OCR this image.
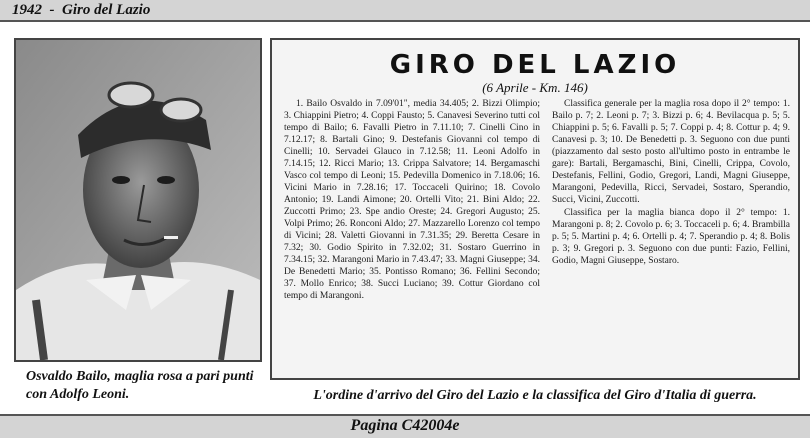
1942  -  Giro del Lazio
Osvaldo Bailo, maglia rosa a pari punti con Adolfo Leoni.
GIRO DEL LAZIO
(6 Aprile - Km. 146)

1. Bailo Osvaldo in 7.09'01", media 34.405; 2. Bizzi Olimpio; 3. Chiappini Pietro; 4. Coppi Fausto; 5. Canavesi Severino tutti col tempo di Bailo; 6. Favalli Pietro in 7.11.10; 7. Cinelli Cino in 7.12.17; 8. Bartali Gino; 9. Destefanis Giovanni col tempo di Cinelli; 10. Servadei Glauco in 7.12.58; 11. Leoni Adolfo in 7.14.15; 12. Ricci Mario; 13. Crippa Salvatore; 14. Bergamaschi Vasco col tempo di Leoni; 15. Pedevilla Domenico in 7.18.06; 16. Vicini Mario in 7.28.16; 17. Toccaceli Quirino; 18. Covolo Antonio; 19. Landi Aimone; 20. Ortelli Vito; 21. Bini Aldo; 22. Zuccotti Primo; 23. Spe andio Oreste; 24. Gregori Augusto; 25. Volpi Primo; 26. Ronconi Aldo; 27. Mazzarello Lorenzo col tempo di Vicini; 28. Valetti Giovanni in 7.31.35; 29. Beretta Cesare in 7.32; 30. Godio Spirito in 7.32.02; 31. Sostaro Guerrino in 7.34.15; 32. Marangoni Mario in 7.43.47; 33. Magni Giuseppe; 34. De Benedetti Mario; 35. Pontisso Romano; 36. Fellini Secondo; 37. Mollo Enrico; 38. Succi Luciano; 39. Cottur Giordano col tempo di Marangoni.

Classifica generale per la maglia rosa dopo il 2° tempo: 1. Bailo p. 7; 2. Leoni p. 7; 3. Bizzi p. 6; 4. Bevilacqua p. 5; 5. Chiappini p. 5; 6. Favalli p. 5; 7. Coppi p. 4; 8. Cottur p. 4; 9. Canavesi p. 3; 10. De Benedetti p. 3. Seguono con due punti (piazzamento dal sesto posto all'ultimo posto in entrambe le gare): Bartali, Bergamaschi, Bini, Cinelli, Crippa, Covolo, Destefanis, Fellini, Godio, Gregori, Landi, Magni Giuseppe, Marangoni, Pedevilla, Ricci, Servadei, Sostaro, Sperandio, Succi, Vicini, Zuccotti.

Classifica per la maglia bianca dopo il 2° tempo: 1. Marangoni p. 8; 2. Covolo p. 6; 3. Toccaceli p. 6; 4. Brambilla p. 5; 5. Martini p. 4; 6. Ortelli p. 4; 7. Sperandio p. 4; 8. Bolis p. 3; 9. Gregori p. 3. Seguono con due punti: Fazio, Fellini, Godio, Magni Giuseppe, Sostaro.

L'ordine d'arrivo del Giro del Lazio e la classifica del Giro d'Italia di guerra.
Pagina C42004e
